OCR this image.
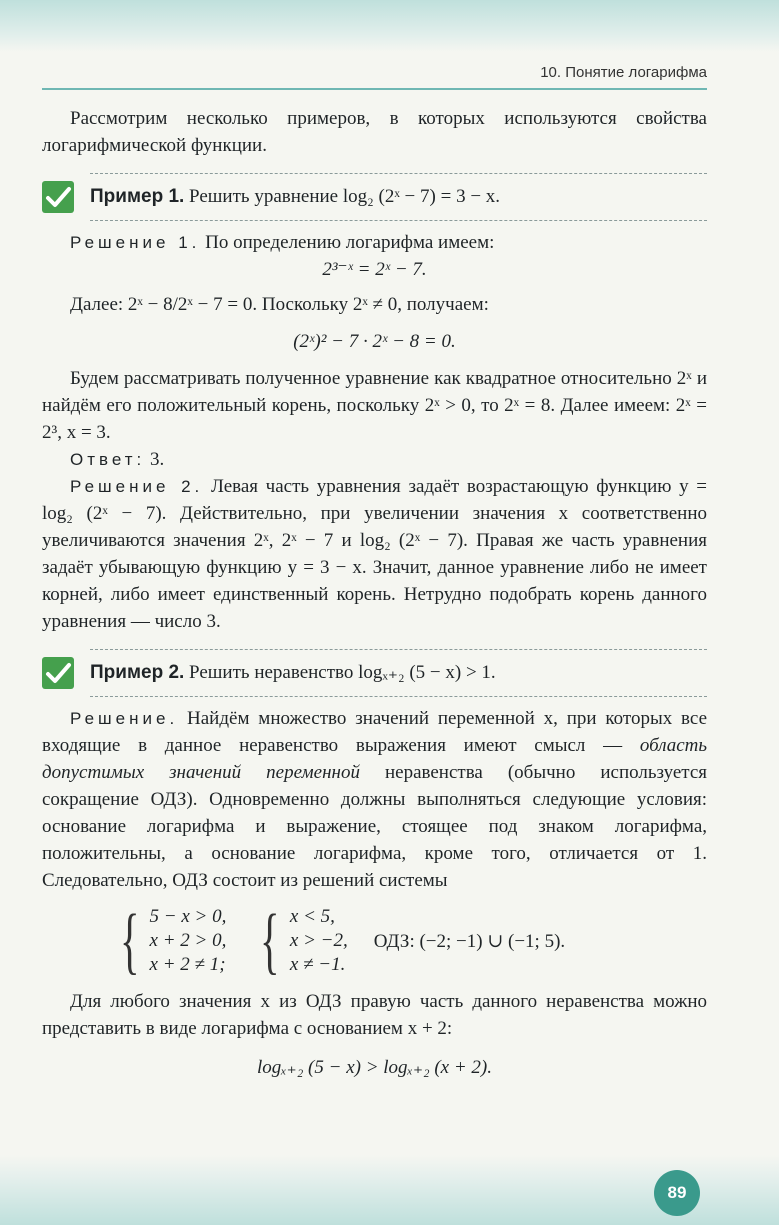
10. Понятие логарифма

Рассмотрим несколько примеров, в которых используются свойства логарифмической функции.

Пример 1. Решить уравнение log₂ (2ˣ − 7) = 3 − x.

Решение 1. По определению логарифма имеем:

2³⁻ˣ = 2ˣ − 7.

Далее: 2ˣ − 8/2ˣ − 7 = 0. Поскольку 2ˣ ≠ 0, получаем:

(2ˣ)² − 7 · 2ˣ − 8 = 0.

Будем рассматривать полученное уравнение как квадратное относительно 2ˣ и найдём его положительный корень, поскольку 2ˣ > 0, то 2ˣ = 8. Далее имеем: 2ˣ = 2³, x = 3.

Ответ: 3.

Решение 2. Левая часть уравнения задаёт возрастающую функцию y = log₂ (2ˣ − 7). Действительно, при увеличении значения x соответственно увеличиваются значения 2ˣ, 2ˣ − 7 и log₂ (2ˣ − 7). Правая же часть уравнения задаёт убывающую функцию y = 3 − x. Значит, данное уравнение либо не имеет корней, либо имеет единственный корень. Нетрудно подобрать корень данного уравнения — число 3.

Пример 2. Решить неравенство logₓ₊₂ (5 − x) > 1.

Решение. Найдём множество значений переменной x, при которых все входящие в данное неравенство выражения имеют смысл — область допустимых значений переменной неравенства (обычно используется сокращение ОДЗ). Одновременно должны выполняться следующие условия: основание логарифма и выражение, стоящее под знаком логарифма, положительны, а основание логарифма, кроме того, отличается от 1. Следовательно, ОДЗ состоит из решений системы

{ 5 − x > 0,
x + 2 > 0,
x + 2 ≠ 1; { x < 5,
x > −2,
x ≠ −1.
ОДЗ: (−2; −1) ∪ (−1; 5).

Для любого значения x из ОДЗ правую часть данного неравенства можно представить в виде логарифма с основанием x + 2:

logₓ₊₂ (5 − x) > logₓ₊₂ (x + 2).

89
